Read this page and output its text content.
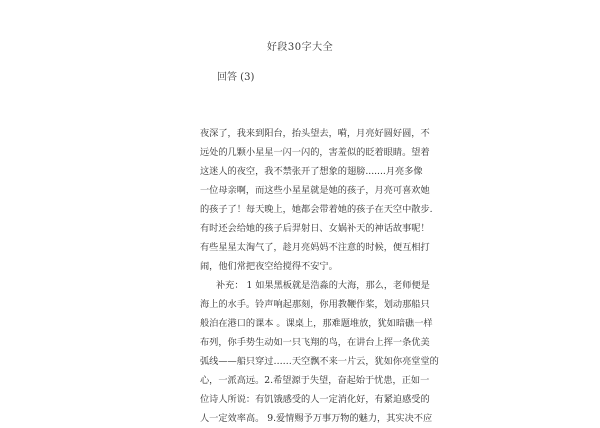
好段30字大全
回答 (3)
夜深了，我来到阳台，抬头望去，嗬，月亮好圆好圆，不
远处的几颗小星星一闪一闪的，害羞似的眨着眼睛。望着
这迷人的夜空，我不禁张开了想象的翅膀.......月亮多像
一位母亲啊，而这些小星星就是她的孩子，月亮可喜欢她
的孩子了！每天晚上，她都会带着她的孩子在天空中散步.
有时还会给她的孩子后羿射日、女娲补天的神话故事呢！
有些星星太淘气了，趁月亮妈妈不注意的时候，便互相打
闹，他们常把夜空给搅得不安宁。
补充： 1 如果黑板就是浩淼的大海，那么，老师便是
海上的水手。铃声响起那刻，你用教鞭作桨，划动那船只
般泊在港口的课本 。课桌上，那难题堆放，犹如暗礁一样
布列，你手势生动如一只飞翔的鸟，在讲台上挥一条优美
弧线——船只穿过……天空飘不来一片云，犹如你亮堂堂的
心，一派高远。2.希望源于失望，奋起始于忧患，正如一
位诗人所说：有饥饿感受的人一定消化好，有紧迫感受的
人一定效率高。 9.爱情赐予万事万物的魅力，其实决不应
